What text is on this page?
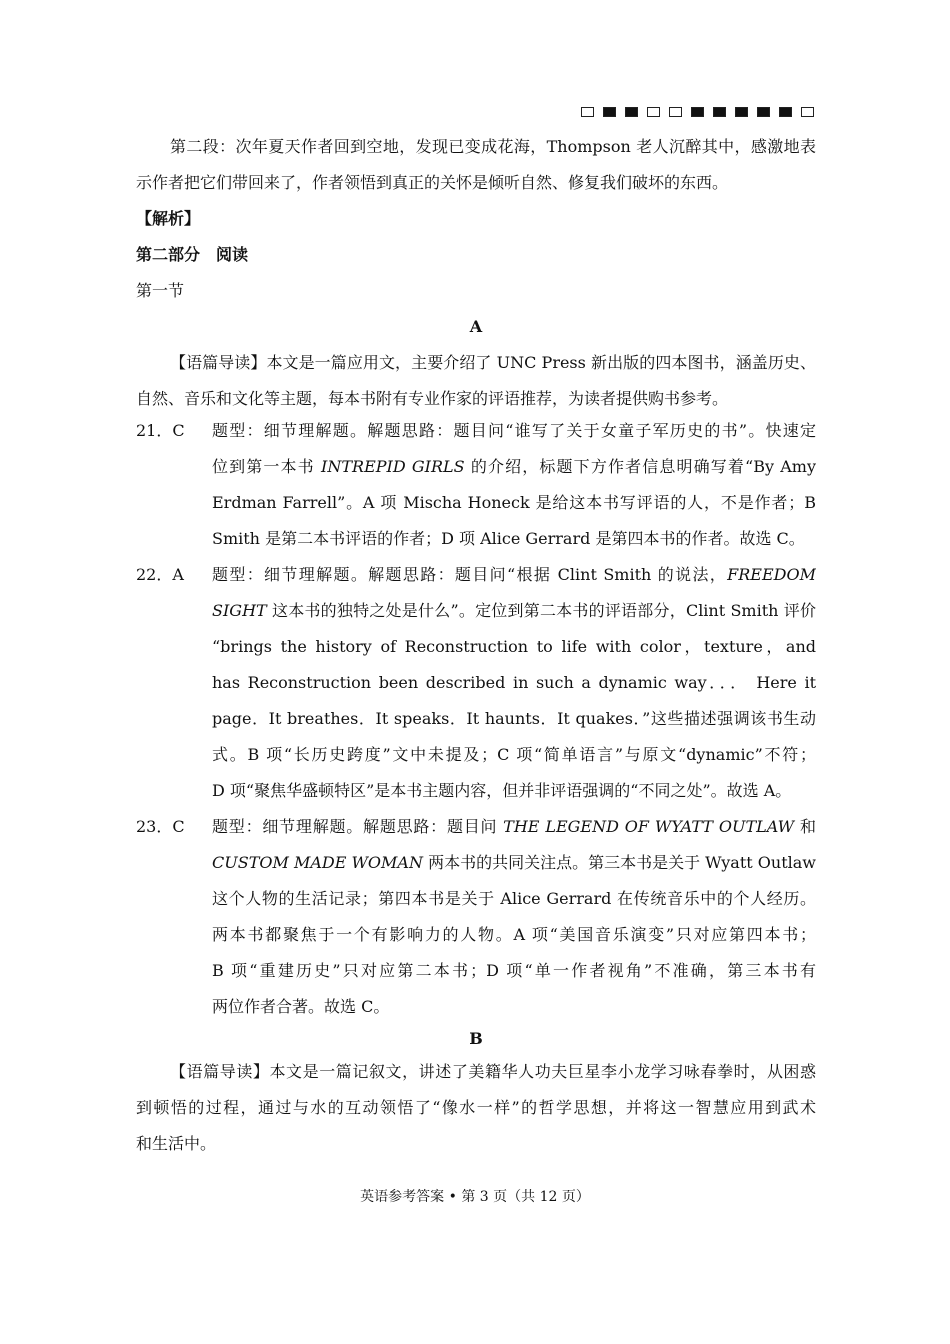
第二段：次年夏天作者回到空地，发现已变成花海，Thompson 老人沉醉其中，感激地表
示作者把它们带回来了，作者领悟到真正的关怀是倾听自然、修复我们破坏的东西。
【解析】
第二部分　阅读
第一节
A
【语篇导读】本文是一篇应用文，主要介绍了 UNC Press 新出版的四本图书，涵盖历史、
自然、音乐和文化等主题，每本书附有专业作家的评语推荐，为读者提供购书参考。
21．C 题型：细节理解题。解题思路：题目问“谁写了关于女童子军历史的书”。快速定
位到第一本书 INTREPID GIRLS 的介绍，标题下方作者信息明确写着“By Amy
Erdman Farrell”。A 项 Mischa Honeck 是给这本书写评语的人，不是作者；B
Smith 是第二本书评语的作者；D 项 Alice Gerrard 是第四本书的作者。故选 C。
22．A 题型：细节理解题。解题思路：题目问“根据 Clint Smith 的说法，FREEDOM
SIGHT 这本书的独特之处是什么”。定位到第二本书的评语部分，Clint Smith 评价
“brings the history of Reconstruction to life with color，texture，and
has Reconstruction been described in such a dynamic way．．． Here it
page．It breathes．It speaks．It haunts．It quakes．”这些描述强调该书生动
式。B 项“长历史跨度”文中未提及；C 项“简单语言”与原文“dynamic”不符；
D 项“聚焦华盛顿特区”是本书主题内容，但并非评语强调的“不同之处”。故选 A。
23．C 题型：细节理解题。解题思路：题目问 THE LEGEND OF WYATT OUTLAW 和
CUSTOM MADE WOMAN 两本书的共同关注点。第三本书是关于 Wyatt Outlaw
这个人物的生活记录；第四本书是关于 Alice Gerrard 在传统音乐中的个人经历。
两本书都聚焦于一个有影响力的人物。A 项“美国音乐演变”只对应第四本书；
B 项“重建历史”只对应第二本书；D 项“单一作者视角”不准确，第三本书有
两位作者合著。故选 C。
B
【语篇导读】本文是一篇记叙文，讲述了美籍华人功夫巨星李小龙学习咏春拳时，从困惑
到顿悟的过程，通过与水的互动领悟了“像水一样”的哲学思想，并将这一智慧应用到武术
和生活中。
英语参考答案 • 第 3 页（共 12 页）
